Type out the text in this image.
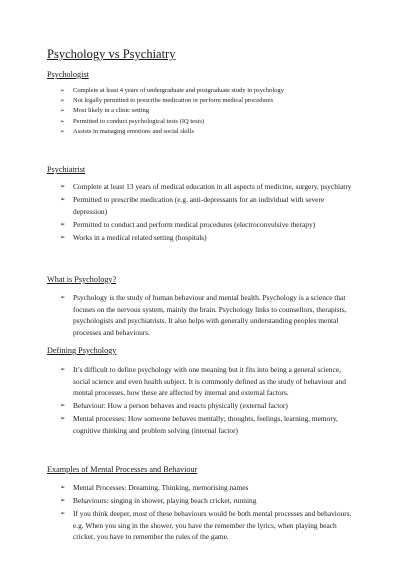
Psychology vs Psychiatry
Psychologist
➢ Complete at least 4 years of undergraduate and postgraduate study in psychology
➢ Not legally permitted to prescribe medication or perform medical procedures
➢ Most likely in a clinic setting
➢ Permitted to conduct psychological tests (IQ tests)
➢ Assists in managing emotions and social skills
Psychiatrist
➢ Complete at least 13 years of medical education in all aspects of medicine, surgery, psychiatry
➢ Permitted to prescribe medication (e.g. anti-depressants for an individual with severe depression)
➢ Permitted to conduct and perform medical procedures (electroconvulsive therapy)
➢ Works in a medical related setting (hospitals)
What is Psychology?
➢ Psychology is the study of human behaviour and mental health. Psychology is a science that focuses on the nervous system, mainly the brain. Psychology links to counsellors, therapists, psychologists and psychiatrists. It also helps with generally understanding peoples mental processes and behaviours.
Defining Psychology
➢ It’s difficult to define psychology with one meaning but it fits into being a general science, social science and even health subject. It is commonly defined as the study of behaviour and mental processes, how these are affected by internal and external factors.
➢ Behaviour: How a person behaves and reacts physically (external factor)
➢ Mental processes: How someone behaves mentally; thoughts, feelings, learning, memory, cognitive thinking and problem solving (internal factor)
Examples of Mental Processes and Behaviour
➢ Mental Processes: Dreaming, Thinking, memorising names
➢ Behaviours: singing in shower, playing beach cricket, running
➢ If you think deeper, most of these behaviours would be both mental processes and behaviours. e.g. When you sing in the shower, you have the remember the lyrics, when playing beach cricket, you have to remember the rules of the game.
